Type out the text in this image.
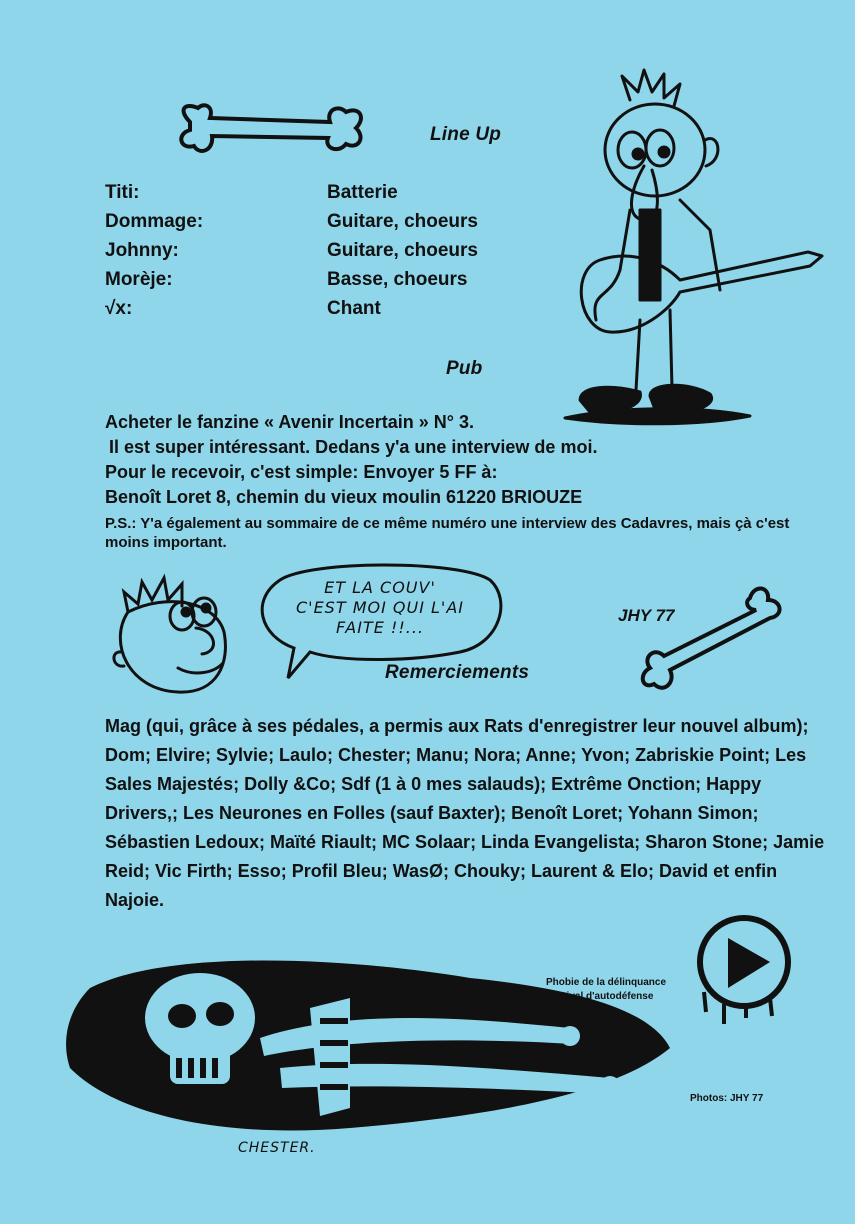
Line Up
Titi:	Batterie
Dommage:	Guitare, choeurs
Johnny:	Guitare, choeurs
Morèje:	Basse, choeurs
√x:	Chant
Pub
Acheter le fanzine « Avenir Incertain » N° 3.
Il est super intéressant. Dedans y'a une interview de moi.
Pour le recevoir, c'est simple: Envoyer 5 FF à:
Benoît Loret 8, chemin du vieux moulin 61220 BRIOUZE
P.S.: Y'a également au sommaire de ce même numéro une interview des Cadavres, mais çà c'est moins important.
ET LA COUV'
C'EST MOI QUI L'AI
FAITE !!...
JHY 77
Remerciements
Mag (qui, grâce à ses pédales, a permis aux Rats d'enregistrer leur nouvel album); Dom; Elvire; Sylvie; Laulo; Chester; Manu; Nora; Anne; Yvon; Zabriskie Point; Les Sales Majestés; Dolly &Co; Sdf (1 à 0 mes salauds); Extrême Onction; Happy Drivers,; Les Neurones en Folles (sauf Baxter); Benoît Loret; Yohann Simon; Sébastien Ledoux; Maïté Riault; MC Solaar; Linda Evangelista; Sharon Stone; Jamie Reid; Vic Firth; Esso; Profil Bleu; WasØ; Chouky; Laurent & Elo; David et enfin Najoie.
CHESTER.
Phobie de la délinquance
Festival d'autodéfense
Photos: JHY 77
